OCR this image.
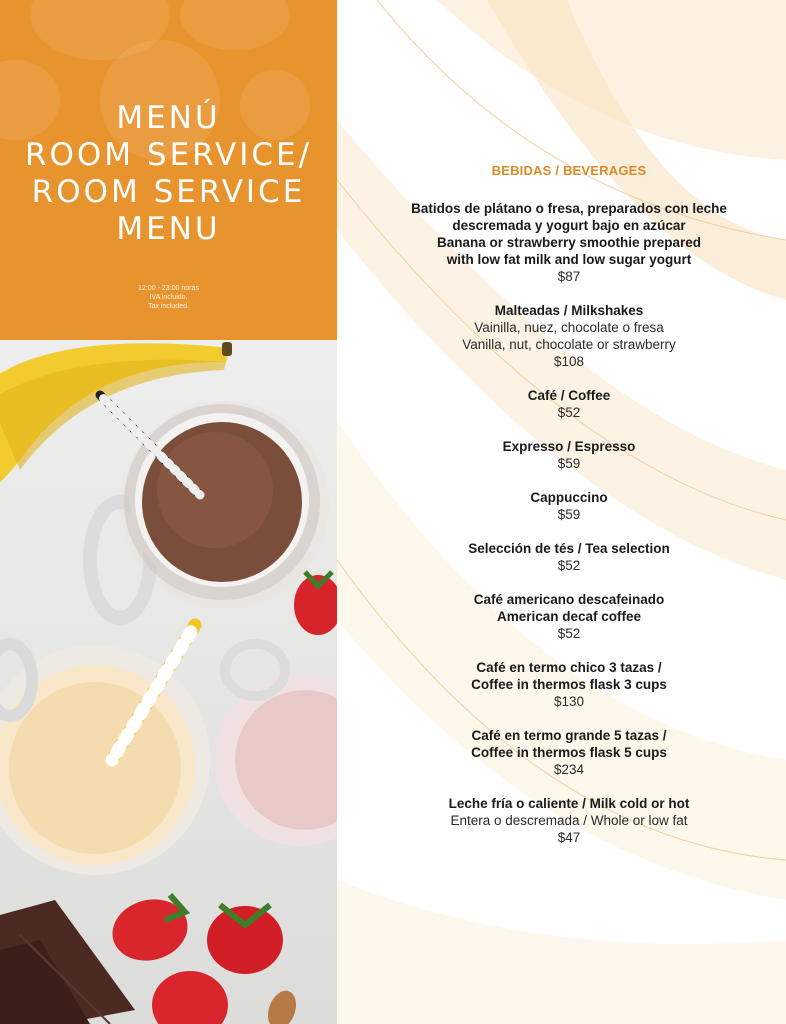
MENÚ
ROOM SERVICE/
ROOM SERVICE
MENU
12:00 - 23:00 horas
IVA incluido.
Tax included.
BEBIDAS / BEVERAGES
Batidos de plátano o fresa, preparados con leche
descremada y yogurt bajo en azúcar
Banana or strawberry smoothie prepared
with low fat milk and low sugar yogurt
$87
Malteadas / Milkshakes
Vainilla, nuez, chocolate o fresa
Vanilla, nut, chocolate or strawberry
$108
Café / Coffee
$52
Expresso / Espresso
$59
Cappuccino
$59
Selección de tés / Tea selection
$52
Café americano descafeinado
American decaf coffee
$52
Café en termo chico 3 tazas /
Coffee in thermos flask 3 cups
$130
Café en termo grande 5 tazas /
Coffee in thermos flask 5 cups
$234
Leche fría o caliente / Milk cold or hot
Entera o descremada / Whole or low fat
$47
